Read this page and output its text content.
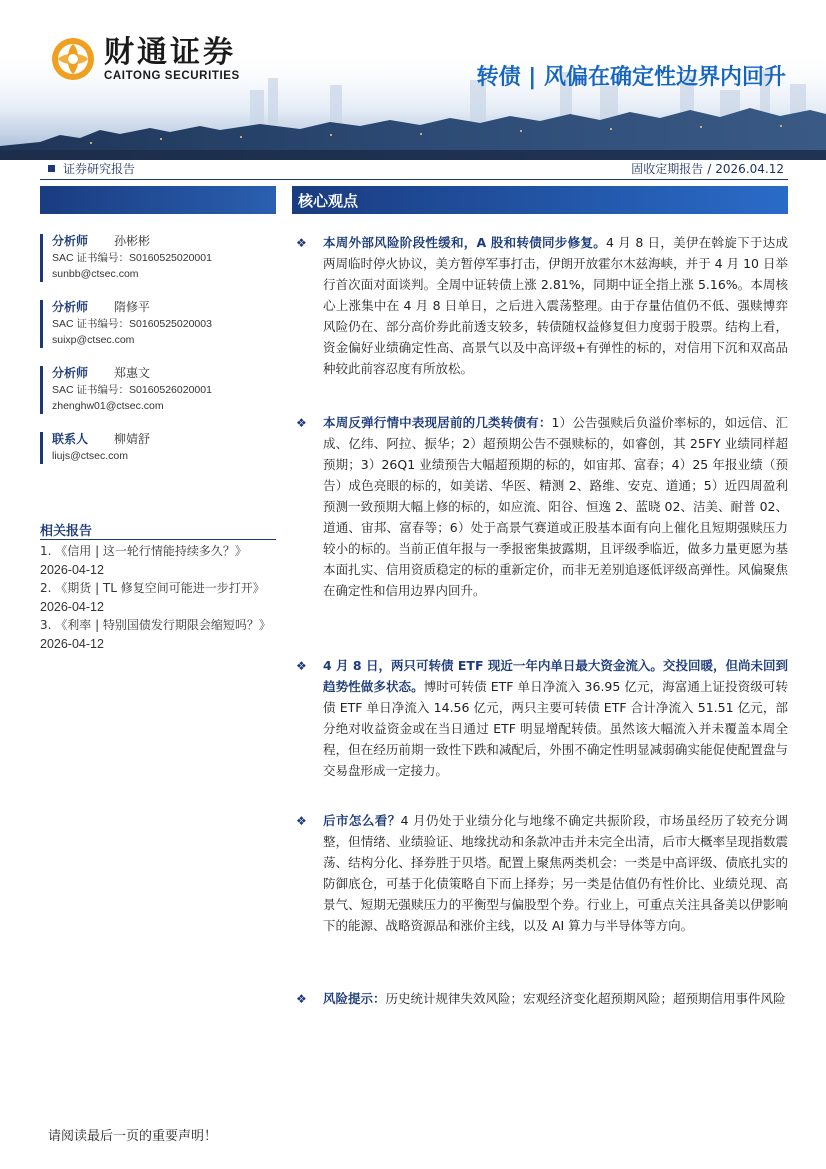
财通证券
CAITONG SECURITIES	转债 | 风偏在确定性边界内回升
证券研究报告	固收定期报告 / 2026.04.12
分析师	孙彬彬
SAC 证书编号：S0160525020001
sunbb@ctsec.com
分析师	隋修平
SAC 证书编号：S0160525020003
suixp@ctsec.com
分析师	郑惠文
SAC 证书编号：S0160526020001
zhenghw01@ctsec.com
联系人	柳婧舒
liujs@ctsec.com
相关报告
1. 《信用 | 这一轮行情能持续多久？》
2026-04-12
2. 《期货 | TL 修复空间可能进一步打开》
2026-04-12
3. 《利率 | 特别国债发行期限会缩短吗？》
2026-04-12
核心观点
❖ 本周外部风险阶段性缓和，A 股和转债同步修复。4 月 8 日，美伊在斡旋下于达成两周临时停火协议，美方暂停军事打击，伊朗开放霍尔木兹海峡，并于 4 月 10 日举行首次面对面谈判。全周中证转债上涨 2.81%，同期中证全指上涨 5.16%。本周核心上涨集中在 4 月 8 日单日，之后进入震荡整理。由于存量估值仍不低、强赎博弈风险仍在、部分高价券此前透支较多，转债随权益修复但力度弱于股票。结构上看，资金偏好业绩确定性高、高景气以及中高评级+有弹性的标的，对信用下沉和双高品种较此前容忍度有所放松。
❖ 本周反弹行情中表现居前的几类转债有：1）公告强赎后负溢价率标的，如远信、汇成、亿纬、阿拉、振华；2）超预期公告不强赎标的，如睿创，其 25FY 业绩同样超预期；3）26Q1 业绩预告大幅超预期的标的，如宙邦、富春；4）25 年报业绩（预告）成色亮眼的标的，如美诺、华医、精测 2、路维、安克、道通；5）近四周盈利预测一致预期大幅上修的标的，如应流、阳谷、恒逸 2、蓝晓 02、洁美、耐普 02、道通、宙邦、富春等；6）处于高景气赛道或正股基本面有向上催化且短期强赎压力较小的标的。当前正值年报与一季报密集披露期，且评级季临近，做多力量更愿为基本面扎实、信用资质稳定的标的重新定价，而非无差别追逐低评级高弹性。风偏聚焦在确定性和信用边界内回升。
❖ 4 月 8 日，两只可转债 ETF 现近一年内单日最大资金流入。交投回暖，但尚未回到趋势性做多状态。博时可转债 ETF 单日净流入 36.95 亿元，海富通上证投资级可转债 ETF 单日净流入 14.56 亿元，两只主要可转债 ETF 合计净流入 51.51 亿元，部分绝对收益资金或在当日通过 ETF 明显增配转债。虽然该大幅流入并未覆盖本周全程，但在经历前期一致性下跌和减配后，外围不确定性明显减弱确实能促使配置盘与交易盘形成一定接力。
❖ 后市怎么看？4 月仍处于业绩分化与地缘不确定共振阶段，市场虽经历了较充分调整，但情绪、业绩验证、地缘扰动和条款冲击并未完全出清，后市大概率呈现指数震荡、结构分化、择券胜于贝塔。配置上聚焦两类机会：一类是中高评级、债底扎实的防御底仓，可基于化债策略自下而上择券；另一类是估值仍有性价比、业绩兑现、高景气、短期无强赎压力的平衡型与偏股型个券。行业上，可重点关注具备美以伊影响下的能源、战略资源品和涨价主线，以及 AI 算力与半导体等方向。
❖ 风险提示：历史统计规律失效风险；宏观经济变化超预期风险；超预期信用事件风险
请阅读最后一页的重要声明！
